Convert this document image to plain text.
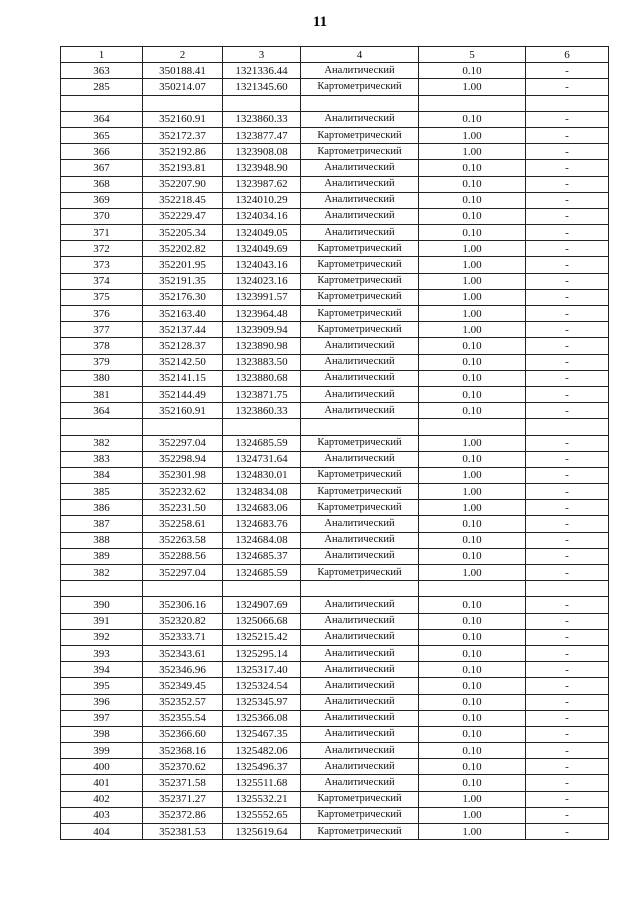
11
1	2	3	4	5	6
363	350188.41	1321336.44	Аналитический	0.10	-
285	350214.07	1321345.60	Картометрический	1.00	-

364	352160.91	1323860.33	Аналитический	0.10	-
365	352172.37	1323877.47	Картометрический	1.00	-
366	352192.86	1323908.08	Картометрический	1.00	-
367	352193.81	1323948.90	Аналитический	0.10	-
368	352207.90	1323987.62	Аналитический	0.10	-
369	352218.45	1324010.29	Аналитический	0.10	-
370	352229.47	1324034.16	Аналитический	0.10	-
371	352205.34	1324049.05	Аналитический	0.10	-
372	352202.82	1324049.69	Картометрический	1.00	-
373	352201.95	1324043.16	Картометрический	1.00	-
374	352191.35	1324023.16	Картометрический	1.00	-
375	352176.30	1323991.57	Картометрический	1.00	-
376	352163.40	1323964.48	Картометрический	1.00	-
377	352137.44	1323909.94	Картометрический	1.00	-
378	352128.37	1323890.98	Аналитический	0.10	-
379	352142.50	1323883.50	Аналитический	0.10	-
380	352141.15	1323880.68	Аналитический	0.10	-
381	352144.49	1323871.75	Аналитический	0.10	-
364	352160.91	1323860.33	Аналитический	0.10	-

382	352297.04	1324685.59	Картометрический	1.00	-
383	352298.94	1324731.64	Аналитический	0.10	-
384	352301.98	1324830.01	Картометрический	1.00	-
385	352232.62	1324834.08	Картометрический	1.00	-
386	352231.50	1324683.06	Картометрический	1.00	-
387	352258.61	1324683.76	Аналитический	0.10	-
388	352263.58	1324684.08	Аналитический	0.10	-
389	352288.56	1324685.37	Аналитический	0.10	-
382	352297.04	1324685.59	Картометрический	1.00	-

390	352306.16	1324907.69	Аналитический	0.10	-
391	352320.82	1325066.68	Аналитический	0.10	-
392	352333.71	1325215.42	Аналитический	0.10	-
393	352343.61	1325295.14	Аналитический	0.10	-
394	352346.96	1325317.40	Аналитический	0.10	-
395	352349.45	1325324.54	Аналитический	0.10	-
396	352352.57	1325345.97	Аналитический	0.10	-
397	352355.54	1325366.08	Аналитический	0.10	-
398	352366.60	1325467.35	Аналитический	0.10	-
399	352368.16	1325482.06	Аналитический	0.10	-
400	352370.62	1325496.37	Аналитический	0.10	-
401	352371.58	1325511.68	Аналитический	0.10	-
402	352371.27	1325532.21	Картометрический	1.00	-
403	352372.86	1325552.65	Картометрический	1.00	-
404	352381.53	1325619.64	Картометрический	1.00	-
